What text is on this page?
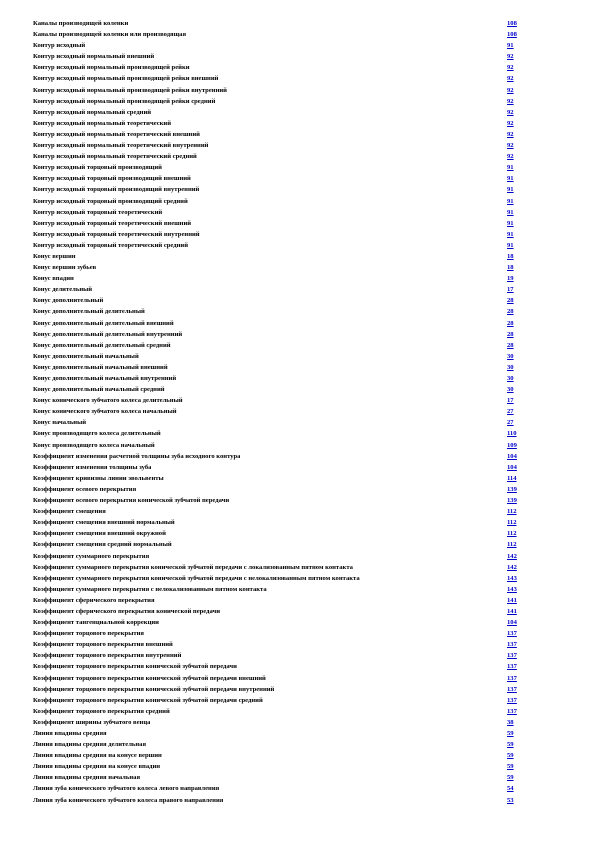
Каналы производящей коленки	108
Каналы производящей коленки или производящая	108
Контур исходный	91
Контур исходный нормальный внешний	92
Контур исходный нормальный производящей рейки	92
Контур исходный нормальный производящей рейки внешний	92
Контур исходный нормальный производящей рейки внутренний	92
Контур исходный нормальный производящей рейки средний	92
Контур исходный нормальный средний	92
Контур исходный нормальный теоретический	92
Контур исходный нормальный теоретический внешний	92
Контур исходный нормальный теоретический внутренний	92
Контур исходный нормальный теоретический средний	92
Контур исходный торцовый производящий	91
Контур исходный торцовый производящий внешний	91
Контур исходный торцовый производящий внутренний	91
Контур исходный торцовый производящий средний	91
Контур исходный торцовый теоретический	91
Контур исходный торцовый теоретический внешний	91
Контур исходный торцовый теоретический внутренний	91
Контур исходный торцовый теоретический средний	91
Конус вершин	18
Конус вершин зубьев	18
Конус впадин	19
Конус делительный	17
Конус дополнительный	28
Конус дополнительный делительный	28
Конус дополнительный делительный внешний	28
Конус дополнительный делительный внутренний	28
Конус дополнительный делительный средний	28
Конус дополнительный начальный	30
Конус дополнительный начальный внешний	30
Конус дополнительный начальный внутренний	30
Конус дополнительный начальный средний	30
Конус конического зубчатого колеса делительный	17
Конус конического зубчатого колеса начальный	27
Конус начальный	27
Конус производящего колеса делительный	110
Конус производящего колеса начальный	109
Коэффициент изменения расчетной толщины зуба исходного контура	104
Коэффициент изменения толщины зуба	104
Коэффициент кривизны линии эвольвенты	114
Коэффициент осевого перекрытия	139
Коэффициент осевого перекрытия конической зубчатой передачи	139
Коэффициент смещения	112
Коэффициент смещения внешний нормальный	112
Коэффициент смещения внешний окружной	112
Коэффициент смещения средний нормальный	112
Коэффициент суммарного перекрытия	142
Коэффициент суммарного перекрытия конической зубчатой передачи с локализованным пятном контакта	142
Коэффициент суммарного перекрытия конической зубчатой передачи с нелокализованным пятном контакта	143
Коэффициент суммарного перекрытия с нелокализованным пятном контакта	143
Коэффициент сферического перекрытия	141
Коэффициент сферического перекрытия конической передачи	141
Коэффициент тангенциальной коррекции	104
Коэффициент торцового перекрытия	137
Коэффициент торцового перекрытия внешний	137
Коэффициент торцового перекрытия внутренний	137
Коэффициент торцового перекрытия конической зубчатой передачи	137
Коэффициент торцового перекрытия конической зубчатой передачи внешний	137
Коэффициент торцового перекрытия конической зубчатой передачи внутренний	137
Коэффициент торцового перекрытия конической зубчатой передачи средний	137
Коэффициент торцового перекрытия средний	137
Коэффициент ширины зубчатого венца	38
Линия впадины средняя	59
Линия впадины средняя делительная	59
Линия впадины средняя на конусе вершин	59
Линия впадины средняя на конусе впадин	59
Линия впадины средняя начальная	59
Линия зуба конического зубчатого колеса левого направления	54
Линия зуба конического зубчатого колеса правого направления	53
